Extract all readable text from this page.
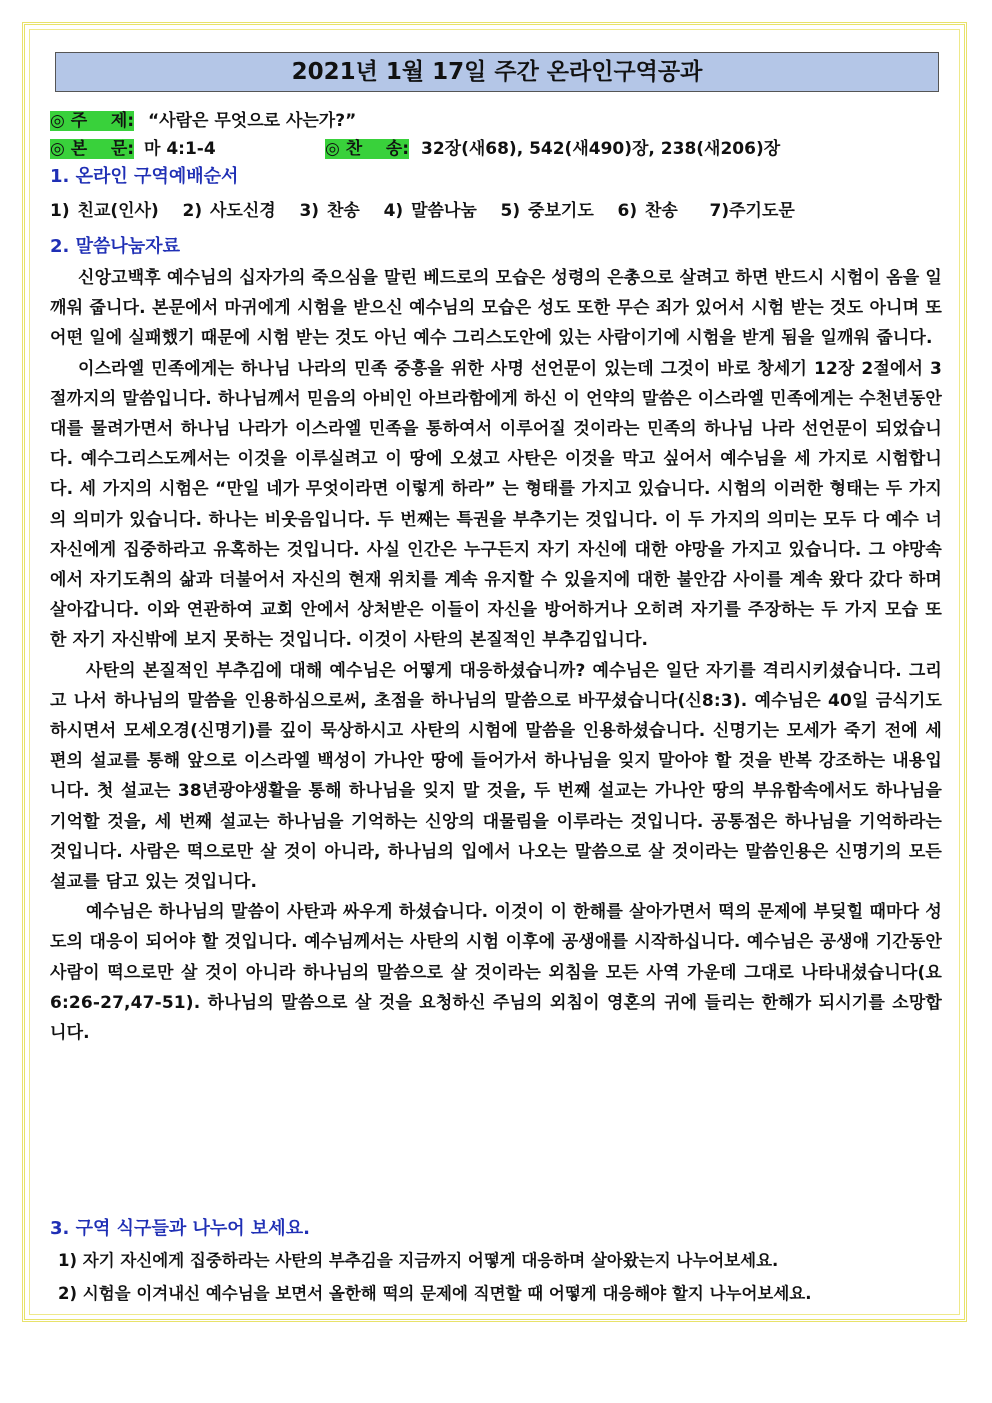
2021년 1월 17일 주간 온라인구역공과
◎ 주    제: “사람은 무엇으로 사는가?”
◎ 본    문: 마 4:1-4	◎ 찬    송: 32장(새68), 542(새490)장, 238(새206)장
1. 온라인 구역예배순서
1) 친교(인사)   2) 사도신경   3) 찬송   4) 말씀나눔   5) 중보기도   6) 찬송    7)주기도문
2. 말씀나눔자료

신앙고백후 예수님의 십자가의 죽으심을 말린 베드로의 모습은 성령의 은총으로 살려고 하면 반드시 시험이 옴을 일깨워 줍니다. 본문에서 마귀에게 시험을 받으신 예수님의 모습은 성도 또한 무슨 죄가 있어서 시험 받는 것도 아니며 또 어떤 일에 실패했기 때문에 시험 받는 것도 아닌 예수 그리스도안에 있는 사람이기에 시험을 받게 됨을 일깨워 줍니다.

이스라엘 민족에게는 하나님 나라의 민족 중흥을 위한 사명 선언문이 있는데 그것이 바로 창세기 12장 2절에서 3절까지의 말씀입니다. 하나님께서 믿음의 아비인 아브라함에게 하신 이 언약의 말씀은 이스라엘 민족에게는 수천년동안 대를 물려가면서 하나님 나라가 이스라엘 민족을 통하여서 이루어질 것이라는 민족의 하나님 나라 선언문이 되었습니다. 예수그리스도께서는 이것을 이루실려고 이 땅에 오셨고 사탄은 이것을 막고 싶어서 예수님을 세 가지로 시험합니다. 세 가지의 시험은 “만일 네가 무엇이라면 이렇게 하라” 는 형태를 가지고 있습니다. 시험의 이러한 형태는 두 가지의 의미가 있습니다. 하나는 비웃음입니다. 두 번째는 특권을 부추기는 것입니다. 이 두 가지의 의미는 모두 다 예수 너 자신에게 집중하라고 유혹하는 것입니다. 사실 인간은 누구든지 자기 자신에 대한 야망을 가지고 있습니다. 그 야망속에서 자기도취의 삶과 더불어서 자신의 현재 위치를 계속 유지할 수 있을지에 대한 불안감 사이를 계속 왔다 갔다 하며 살아갑니다. 이와 연관하여 교회 안에서 상처받은 이들이 자신을 방어하거나 오히려 자기를 주장하는 두 가지 모습 또한 자기 자신밖에 보지 못하는 것입니다. 이것이 사탄의 본질적인 부추김입니다.

사탄의 본질적인 부추김에 대해 예수님은 어떻게 대응하셨습니까? 예수님은 일단 자기를 격리시키셨습니다. 그리고 나서 하나님의 말씀을 인용하심으로써, 초점을 하나님의 말씀으로 바꾸셨습니다(신8:3). 예수님은 40일 금식기도하시면서 모세오경(신명기)를 깊이 묵상하시고 사탄의 시험에 말씀을 인용하셨습니다. 신명기는 모세가 죽기 전에 세 편의 설교를 통해 앞으로 이스라엘 백성이 가나안 땅에 들어가서 하나님을 잊지 말아야 할 것을 반복 강조하는 내용입니다. 첫 설교는 38년광야생활을 통해 하나님을 잊지 말 것을, 두 번째 설교는 가나안 땅의 부유함속에서도 하나님을 기억할 것을, 세 번째 설교는 하나님을 기억하는 신앙의 대물림을 이루라는 것입니다. 공통점은 하나님을 기억하라는 것입니다. 사람은 떡으로만 살 것이 아니라, 하나님의 입에서 나오는 말씀으로 살 것이라는 말씀인용은 신명기의 모든 설교를 담고 있는 것입니다.

예수님은 하나님의 말씀이 사탄과 싸우게 하셨습니다. 이것이 이 한해를 살아가면서 떡의 문제에 부딪힐 때마다 성도의 대응이 되어야 할 것입니다. 예수님께서는 사탄의 시험 이후에 공생애를 시작하십니다. 예수님은 공생애 기간동안 사람이 떡으로만 살 것이 아니라 하나님의 말씀으로 살 것이라는 외침을 모든 사역 가운데 그대로 나타내셨습니다(요6:26-27,47-51). 하나님의 말씀으로 살 것을 요청하신 주님의 외침이 영혼의 귀에 들리는 한해가 되시기를 소망합니다.

3. 구역 식구들과 나누어 보세요.
1) 자기 자신에게 집중하라는 사탄의 부추김을 지금까지 어떻게 대응하며 살아왔는지 나누어보세요.
2) 시험을 이겨내신 예수님을 보면서 올한해 떡의 문제에 직면할 때 어떻게 대응해야 할지 나누어보세요.
